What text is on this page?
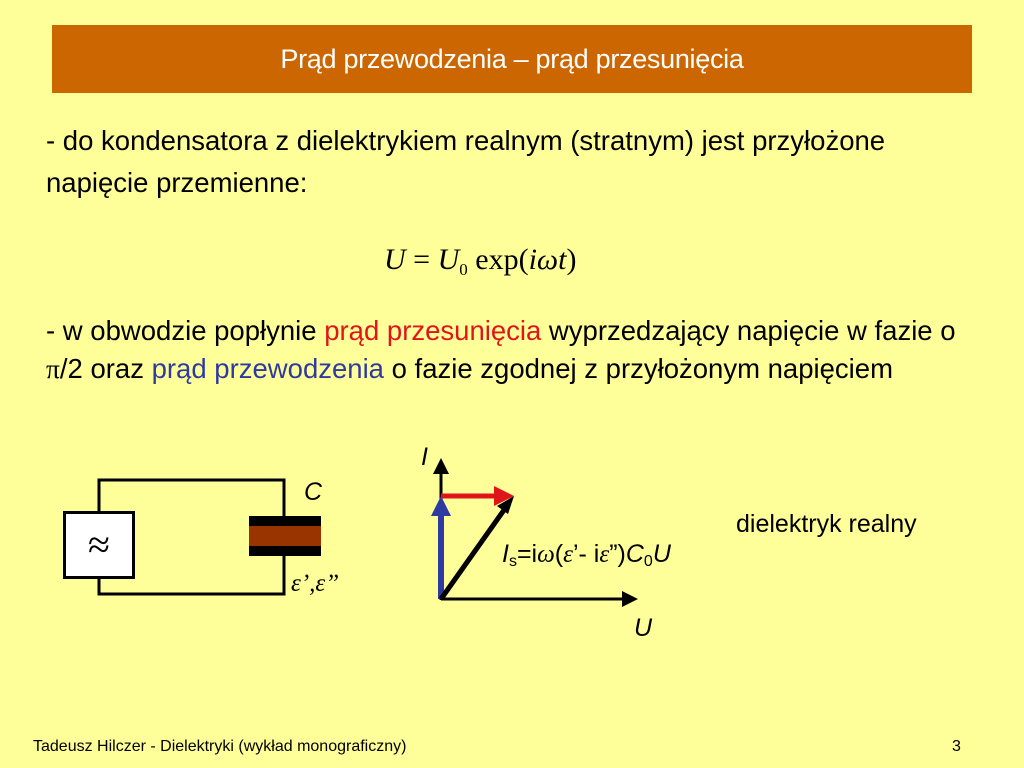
Prąd przewodzenia – prąd przesunięcia
- do kondensatora z dielektrykiem realnym (stratnym) jest przyłożone napięcie przemienne:
$U = U_0$ exp(iωt)
- w obwodzie popłynie prąd przesunięcia wyprzedzający napięcie w fazie o π/2 oraz prąd przewodzenia o fazie zgodnej z przyłożonym napięciem
≈
C
ε’,ε”
I
U
$I_s=i\omega(\varepsilon’-$ $i\varepsilon”)C_0U$
dielektryk realny
Tadeusz Hilczer - Dielektryki (wykład monograficzny)	3
